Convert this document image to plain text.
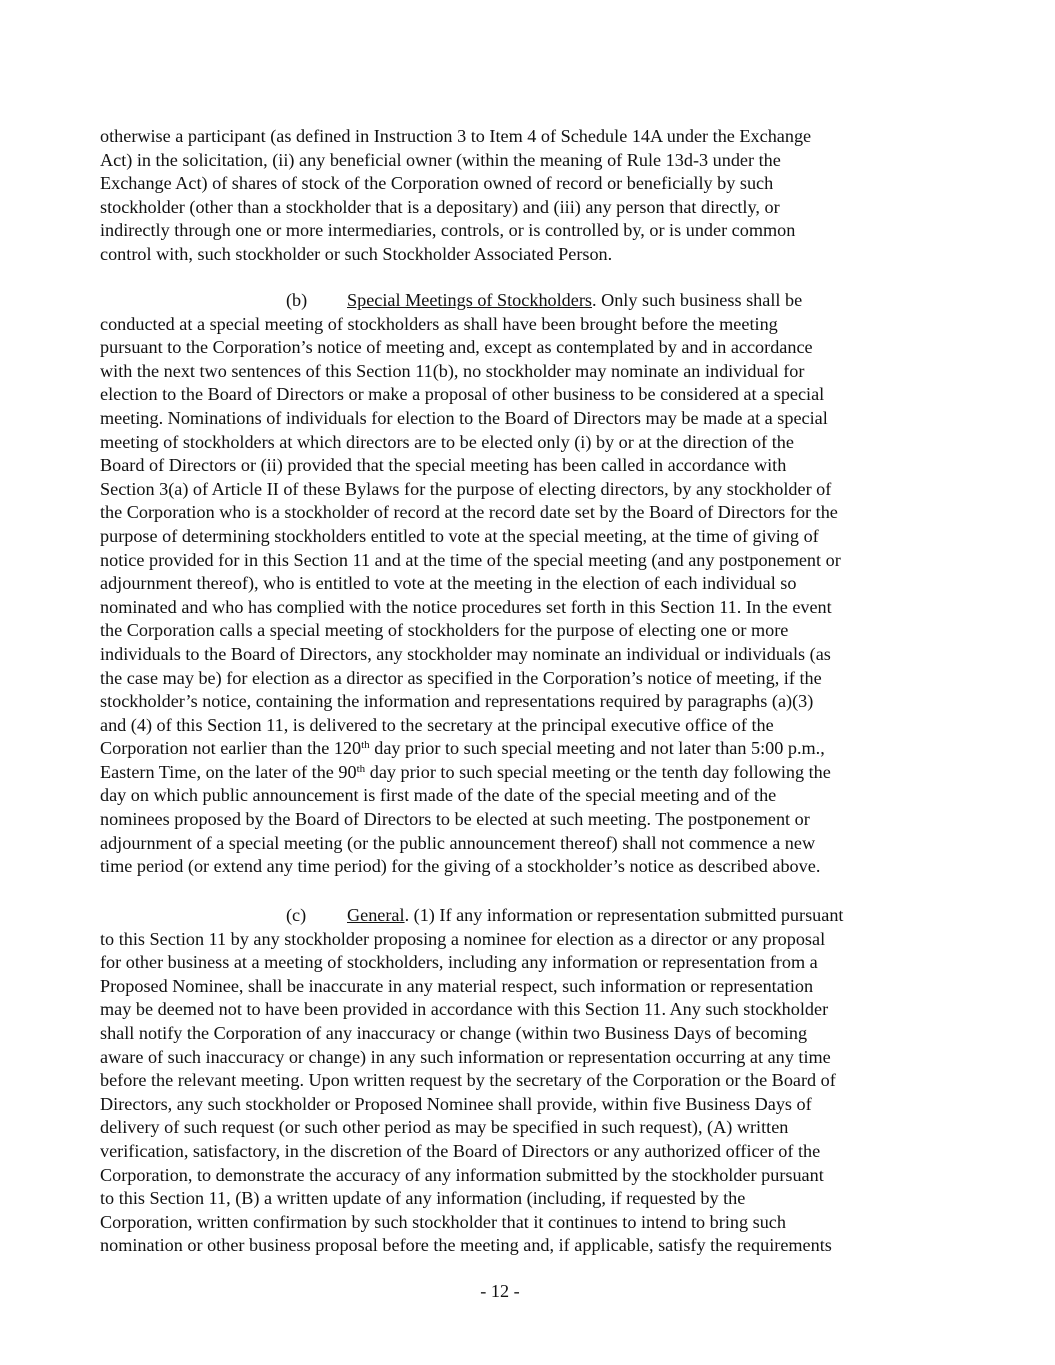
otherwise a participant (as defined in Instruction 3 to Item 4 of Schedule 14A under the Exchange
Act) in the solicitation, (ii) any beneficial owner (within the meaning of Rule 13d-3 under the
Exchange Act) of shares of stock of the Corporation owned of record or beneficially by such
stockholder (other than a stockholder that is a depositary) and (iii) any person that directly, or
indirectly through one or more intermediaries, controls, or is controlled by, or is under common
control with, such stockholder or such Stockholder Associated Person.
(b) Special Meetings of Stockholders. Only such business shall be
conducted at a special meeting of stockholders as shall have been brought before the meeting
pursuant to the Corporation’s notice of meeting and, except as contemplated by and in accordance
with the next two sentences of this Section 11(b), no stockholder may nominate an individual for
election to the Board of Directors or make a proposal of other business to be considered at a special
meeting. Nominations of individuals for election to the Board of Directors may be made at a special
meeting of stockholders at which directors are to be elected only (i) by or at the direction of the
Board of Directors or (ii) provided that the special meeting has been called in accordance with
Section 3(a) of Article II of these Bylaws for the purpose of electing directors, by any stockholder of
the Corporation who is a stockholder of record at the record date set by the Board of Directors for the
purpose of determining stockholders entitled to vote at the special meeting, at the time of giving of
notice provided for in this Section 11 and at the time of the special meeting (and any postponement or
adjournment thereof), who is entitled to vote at the meeting in the election of each individual so
nominated and who has complied with the notice procedures set forth in this Section 11. In the event
the Corporation calls a special meeting of stockholders for the purpose of electing one or more
individuals to the Board of Directors, any stockholder may nominate an individual or individuals (as
the case may be) for election as a director as specified in the Corporation’s notice of meeting, if the
stockholder’s notice, containing the information and representations required by paragraphs (a)(3)
and (4) of this Section 11, is delivered to the secretary at the principal executive office of the
Corporation not earlier than the 120th day prior to such special meeting and not later than 5:00 p.m.,
Eastern Time, on the later of the 90th day prior to such special meeting or the tenth day following the
day on which public announcement is first made of the date of the special meeting and of the
nominees proposed by the Board of Directors to be elected at such meeting. The postponement or
adjournment of a special meeting (or the public announcement thereof) shall not commence a new
time period (or extend any time period) for the giving of a stockholder’s notice as described above.
(c) General. (1) If any information or representation submitted pursuant
to this Section 11 by any stockholder proposing a nominee for election as a director or any proposal
for other business at a meeting of stockholders, including any information or representation from a
Proposed Nominee, shall be inaccurate in any material respect, such information or representation
may be deemed not to have been provided in accordance with this Section 11. Any such stockholder
shall notify the Corporation of any inaccuracy or change (within two Business Days of becoming
aware of such inaccuracy or change) in any such information or representation occurring at any time
before the relevant meeting. Upon written request by the secretary of the Corporation or the Board of
Directors, any such stockholder or Proposed Nominee shall provide, within five Business Days of
delivery of such request (or such other period as may be specified in such request), (A) written
verification, satisfactory, in the discretion of the Board of Directors or any authorized officer of the
Corporation, to demonstrate the accuracy of any information submitted by the stockholder pursuant
to this Section 11, (B) a written update of any information (including, if requested by the
Corporation, written confirmation by such stockholder that it continues to intend to bring such
nomination or other business proposal before the meeting and, if applicable, satisfy the requirements
- 12 -
